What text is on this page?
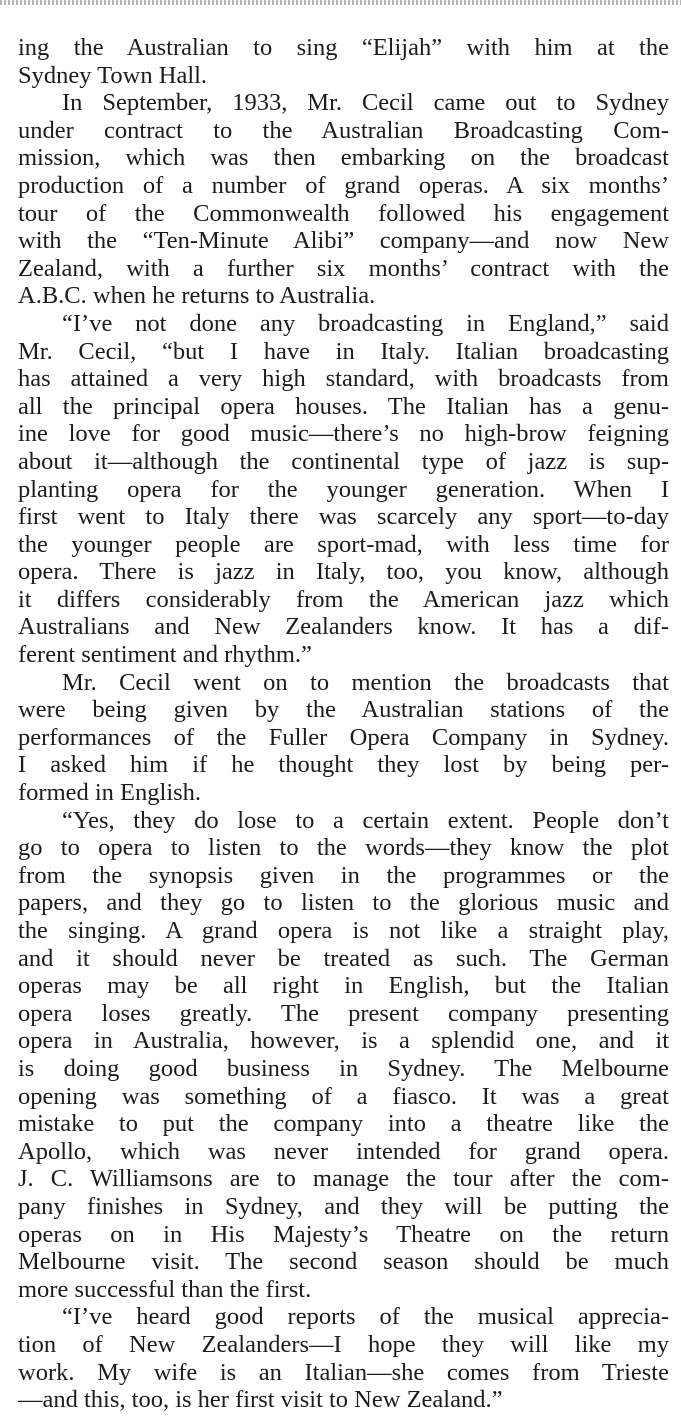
ing the Australian to sing “Elijah” with him at the

Sydney Town Hall.

In September, 1933, Mr. Cecil came out to Sydney

under contract to the Australian Broadcasting Com-

mission, which was then embarking on the broadcast

production of a number of grand operas. A six months’

tour of the Commonwealth followed his engagement

with the “Ten-Minute Alibi” company—and now New

Zealand, with a further six months’ contract with the

A.B.C. when he returns to Australia.

“I’ve not done any broadcasting in England,” said

Mr. Cecil, “but I have in Italy. Italian broadcasting

has attained a very high standard, with broadcasts from

all the principal opera houses. The Italian has a genu-

ine love for good music—there’s no high-brow feigning

about it—although the continental type of jazz is sup-

planting opera for the younger generation. When I

first went to Italy there was scarcely any sport—to-day

the younger people are sport-mad, with less time for

opera. There is jazz in Italy, too, you know, although

it differs considerably from the American jazz which

Australians and New Zealanders know. It has a dif-

ferent sentiment and rhythm.”

Mr. Cecil went on to mention the broadcasts that

were being given by the Australian stations of the

performances of the Fuller Opera Company in Sydney.

I asked him if he thought they lost by being per-

formed in English.

“Yes, they do lose to a certain extent. People don’t

go to opera to listen to the words—they know the plot

from the synopsis given in the programmes or the

papers, and they go to listen to the glorious music and

the singing. A grand opera is not like a straight play,

and it should never be treated as such. The German

operas may be all right in English, but the Italian

opera loses greatly. The present company presenting

opera in Australia, however, is a splendid one, and it

is doing good business in Sydney. The Melbourne

opening was something of a fiasco. It was a great

mistake to put the company into a theatre like the

Apollo, which was never intended for grand opera.

J. C. Williamsons are to manage the tour after the com-

pany finishes in Sydney, and they will be putting the

operas on in His Majesty’s Theatre on the return

Melbourne visit. The second season should be much

more successful than the first.

“I’ve heard good reports of the musical appreciа-

tion of New Zealanders—I hope they will like my

work. My wife is an Italian—she comes from Trieste

—and this, too, is her first visit to New Zealand.”
